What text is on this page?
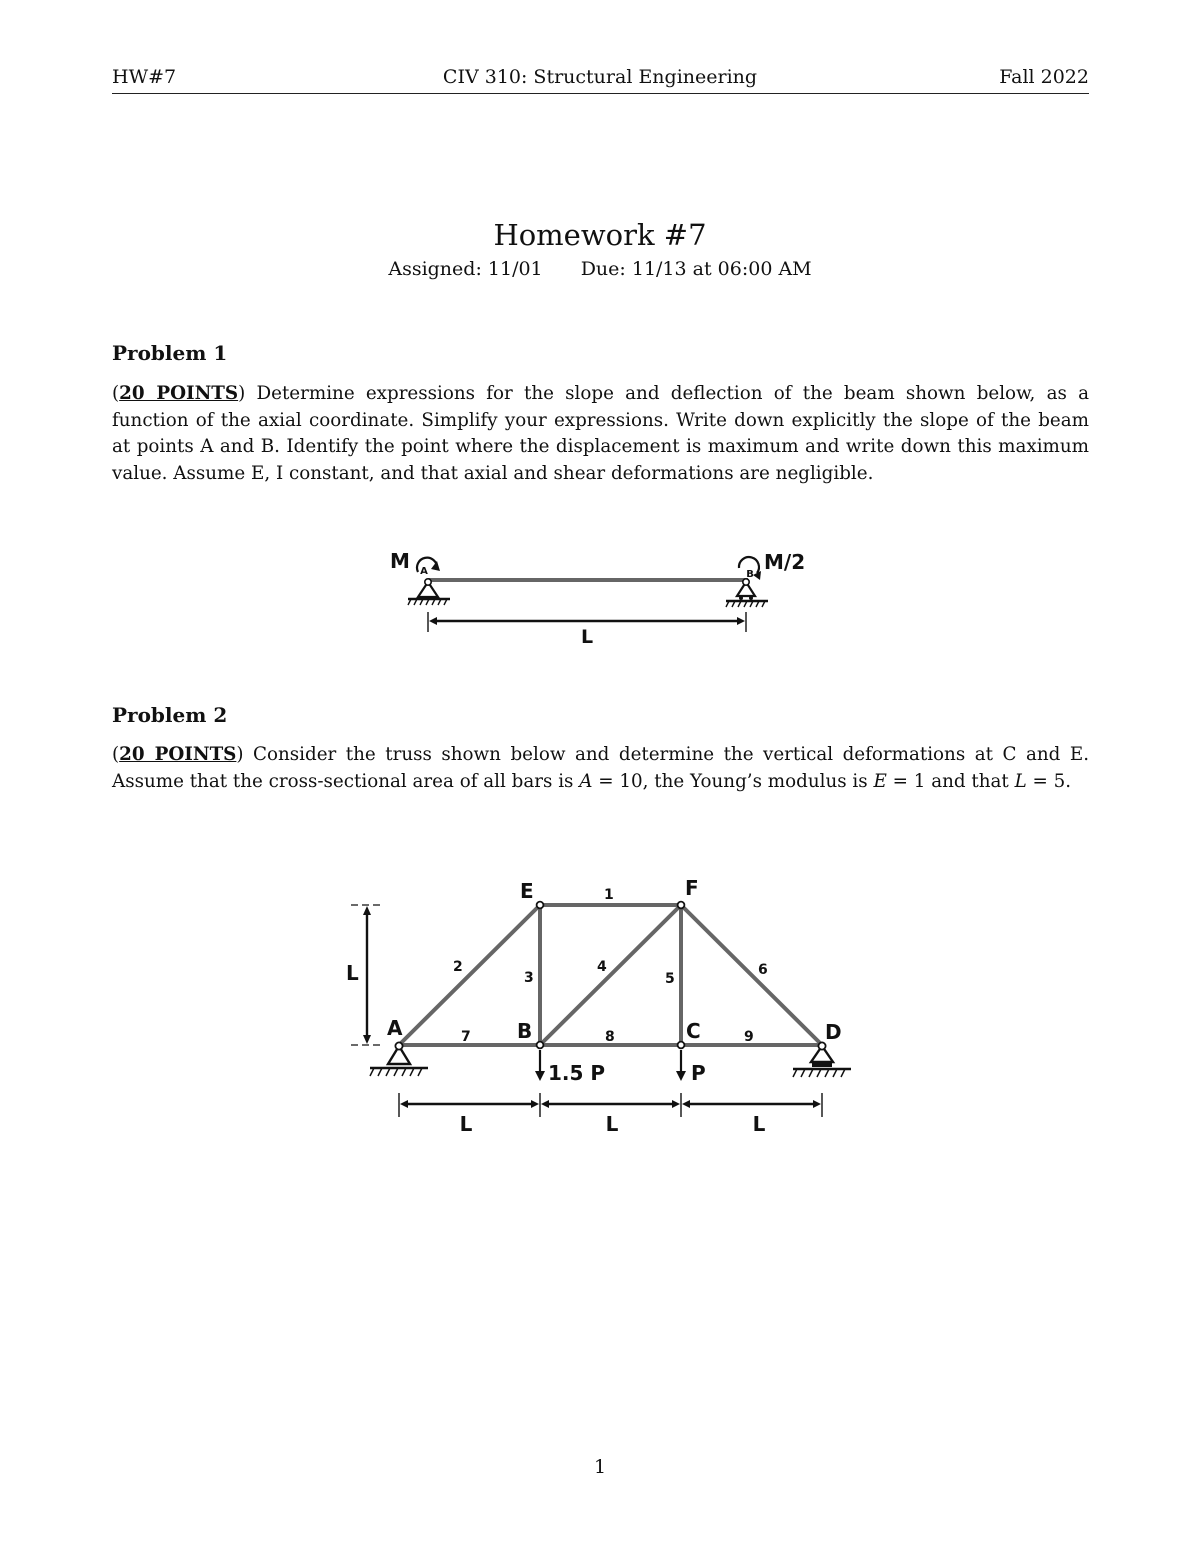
HW#7	CIV 310: Structural Engineering	Fall 2022
Homework #7
Assigned: 11/01 Due: 11/13 at 06:00 AM
Problem 1
(20 POINTS) Determine expressions for the slope and deflection of the beam shown below, as a function of the axial coordinate. Simplify your expressions. Write down explicitly the slope of the beam at points A and B. Identify the point where the displacement is maximum and write down this maximum value. Assume E, I constant, and that axial and shear deformations are negligible.
A	B
M	M/2
L
Problem 2
(20 POINTS) Consider the truss shown below and determine the vertical deformations at C and E. Assume that the cross-sectional area of all bars is A = 10, the Young’s modulus is E = 1 and that L = 5.
1.5 P	P
E	F
A	B	C	D
1
2
3
4
5
6
7	8	9
L
L	L	L
1
